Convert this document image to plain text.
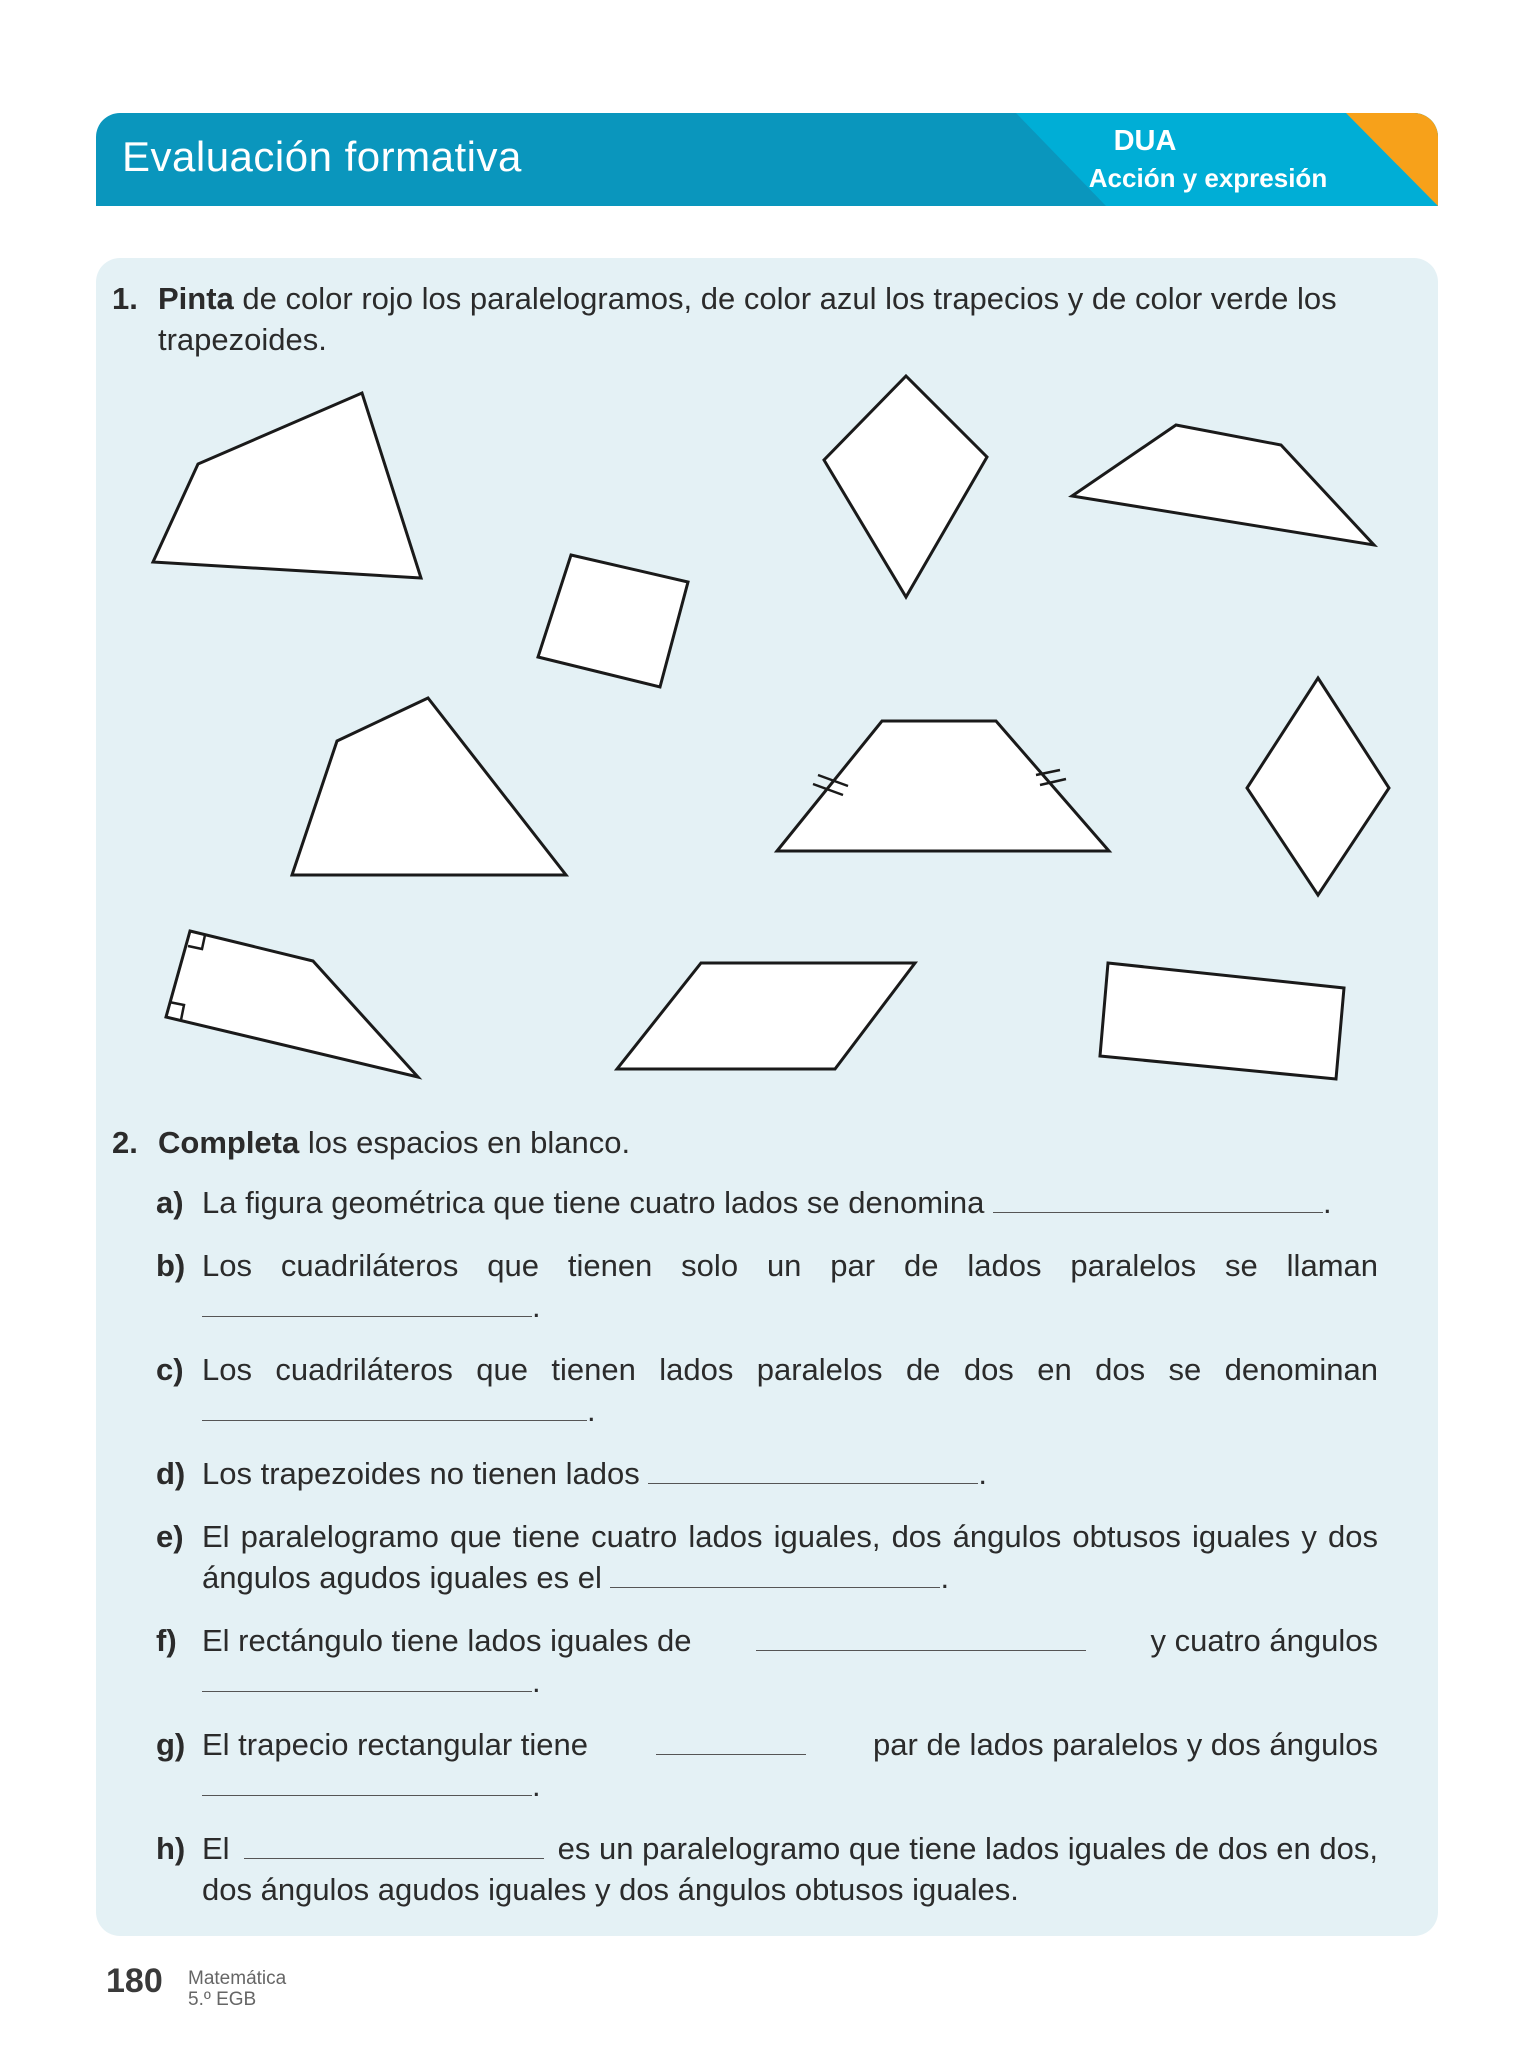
Evaluación formativa	DUA
Acción y expresión
1. Pinta de color rojo los paralelogramos, de color azul los trapecios y de color verde los trapezoides.
2. Completa los espacios en blanco.
a) La figura geométrica que tiene cuatro lados se denomina	.
b) Los cuadriláteros que tienen solo un par de lados paralelos se llaman
.
c) Los cuadriláteros que tienen lados paralelos de dos en dos se denominan
.
d) Los trapezoides no tienen lados	.
e) El paralelogramo que tiene cuatro lados iguales, dos ángulos obtusos iguales y dos
ángulos agudos iguales es el	.
f) El rectángulo tiene lados iguales de	y cuatro ángulos
.
g) El trapecio rectangular tiene	par de lados paralelos y dos ángulos
.
h) El	es un paralelogramo que tiene lados iguales de dos en dos,
dos ángulos agudos iguales y dos ángulos obtusos iguales.
180 Matemática
5.º EGB
